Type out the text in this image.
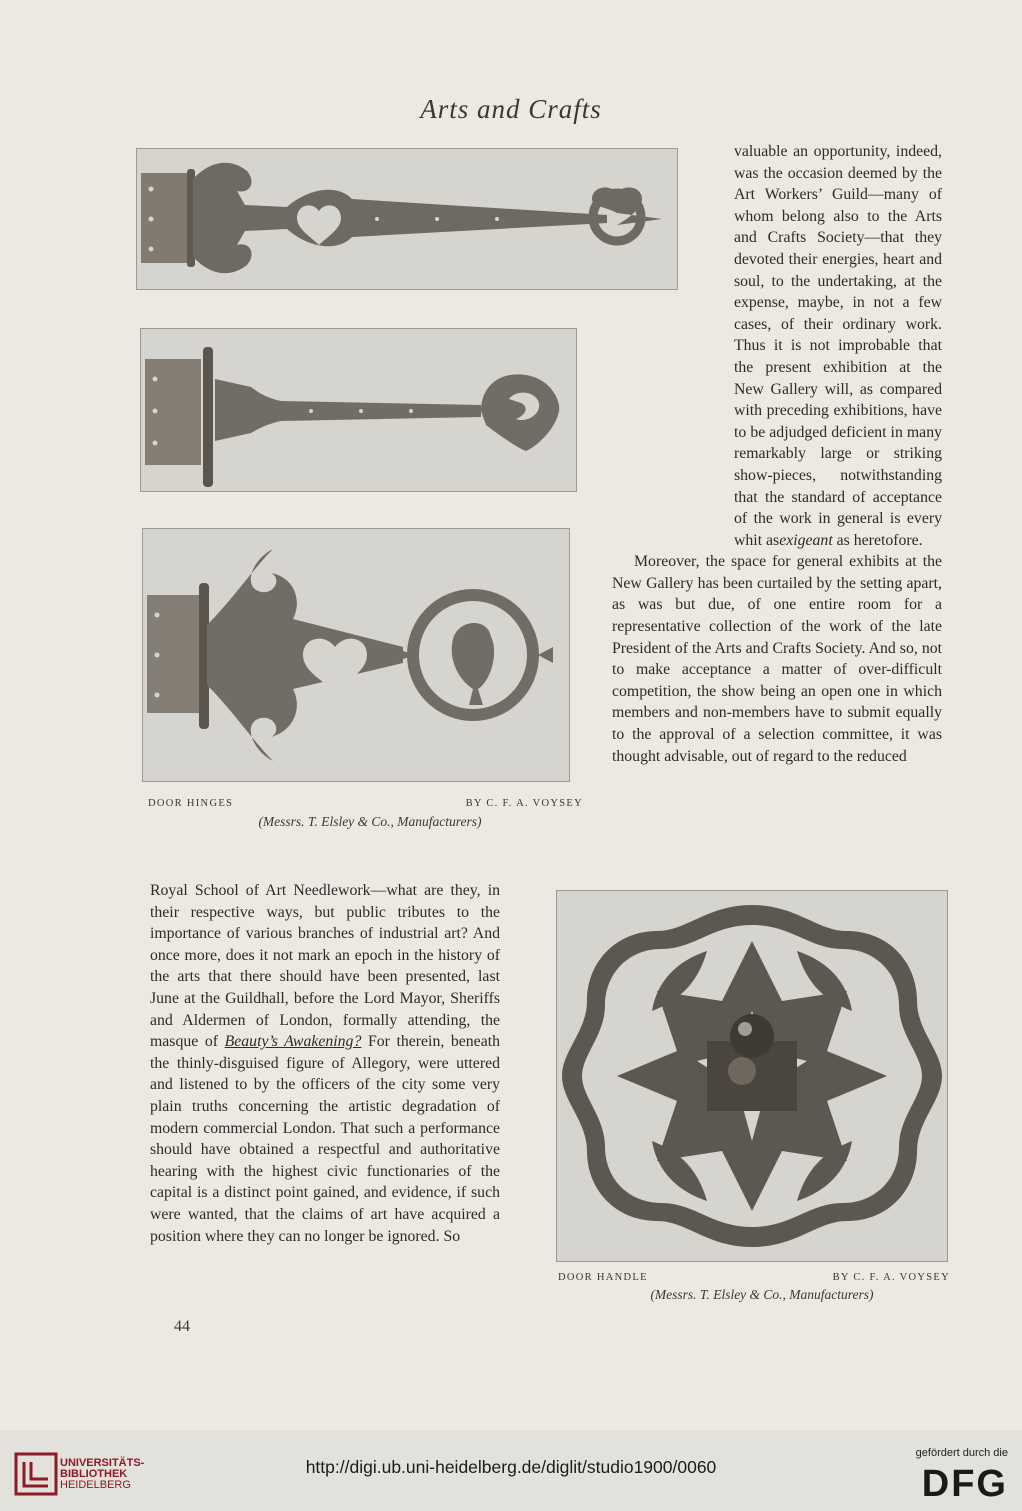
Arts and Crafts
DOOR HINGES	BY C. F. A. VOYSEY
(Messrs. T. Elsley & Co., Manufacturers)
DOOR HANDLE	BY C. F. A. VOYSEY
(Messrs. T. Elsley & Co., Manufacturers)

valuable an opportunity, indeed, was the occasion deemed by the Art Workers’ Guild—many of whom belong also to the Arts and Crafts Society—that they devoted their energies, heart and soul, to the undertaking, at the expense, maybe, in not a few cases, of their ordinary work. Thus it is not improbable that the present exhibition at the New Gallery will, as compared with preceding exhibitions, have to be adjudged deficient in many remarkably large or striking show-pieces, notwithstanding that the standard of acceptance of the work in general is every whit asexigeant as heretofore.

Moreover, the space for general exhibits at the New Gallery has been curtailed by the setting apart, as was but due, of one entire room for a representative collection of the work of the late President of the Arts and Crafts Society. And so, not to make acceptance a matter of over-difficult competition, the show being an open one in which members and non-members have to submit equally to the approval of a selection committee, it was thought advisable, out of regard to the reduced

Royal School of Art Needlework—what are they, in their respective ways, but public tributes to the importance of various branches of industrial art? And once more, does it not mark an epoch in the history of the arts that there should have been presented, last June at the Guildhall, before the Lord Mayor, Sheriffs and Aldermen of London, formally attending, the masque of Beauty’s Awakening? For therein, beneath the thinly-disguised figure of Allegory, were uttered and listened to by the officers of the city some very plain truths concerning the artistic degradation of modern commercial London. That such a performance should have obtained a respectful and authoritative hearing with the highest civic functionaries of the capital is a distinct point gained, and evidence, if such were wanted, that the claims of art have acquired a position where they can no longer be ignored. So

44
UNIVERSITÄTS-
BIBLIOTHEK
HEIDELBERG
http://digi.ub.uni-heidelberg.de/diglit/studio1900/0060
gefördert durch die
DFG
